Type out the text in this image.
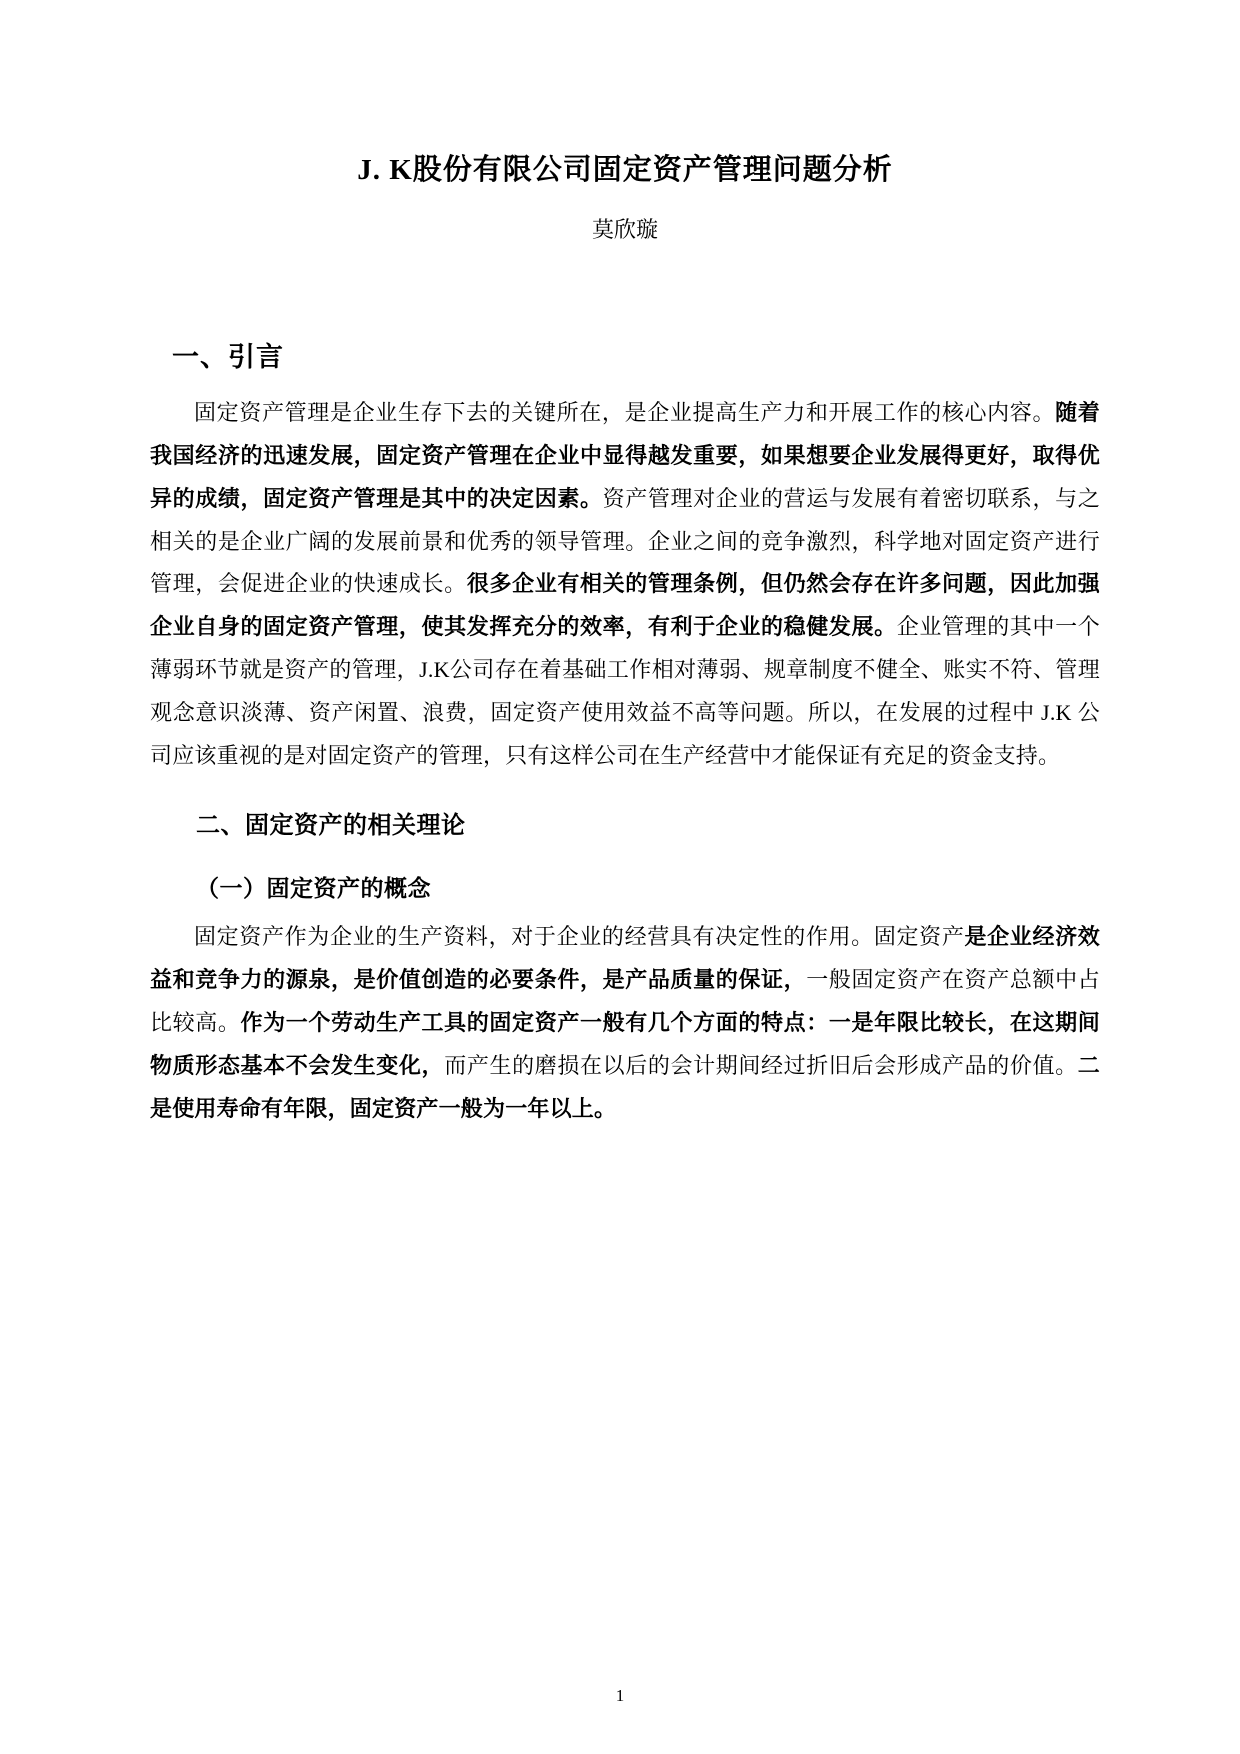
J. K股份有限公司固定资产管理问题分析
莫欣璇
一、引言

固定资产管理是企业生存下去的关键所在，是企业提高生产力和开展工作的核心内容。随着我国经济的迅速发展，固定资产管理在企业中显得越发重要，如果想要企业发展得更好，取得优异的成绩，固定资产管理是其中的决定因素。资产管理对企业的营运与发展有着密切联系，与之相关的是企业广阔的发展前景和优秀的领导管理。企业之间的竞争激烈，科学地对固定资产进行管理，会促进企业的快速成长。很多企业有相关的管理条例，但仍然会存在许多问题，因此加强企业自身的固定资产管理，使其发挥充分的效率，有利于企业的稳健发展。企业管理的其中一个薄弱环节就是资产的管理，J.K公司存在着基础工作相对薄弱、规章制度不健全、账实不符、管理观念意识淡薄、资产闲置、浪费，固定资产使用效益不高等问题。所以，在发展的过程中 J.K 公司应该重视的是对固定资产的管理，只有这样公司在生产经营中才能保证有充足的资金支持。

二、固定资产的相关理论
（一）固定资产的概念

固定资产作为企业的生产资料，对于企业的经营具有决定性的作用。固定资产是企业经济效益和竞争力的源泉，是价值创造的必要条件，是产品质量的保证，一般固定资产在资产总额中占比较高。作为一个劳动生产工具的固定资产一般有几个方面的特点：一是年限比较长，在这期间物质形态基本不会发生变化，而产生的磨损在以后的会计期间经过折旧后会形成产品的价值。二是使用寿命有年限，固定资产一般为一年以上。

1
